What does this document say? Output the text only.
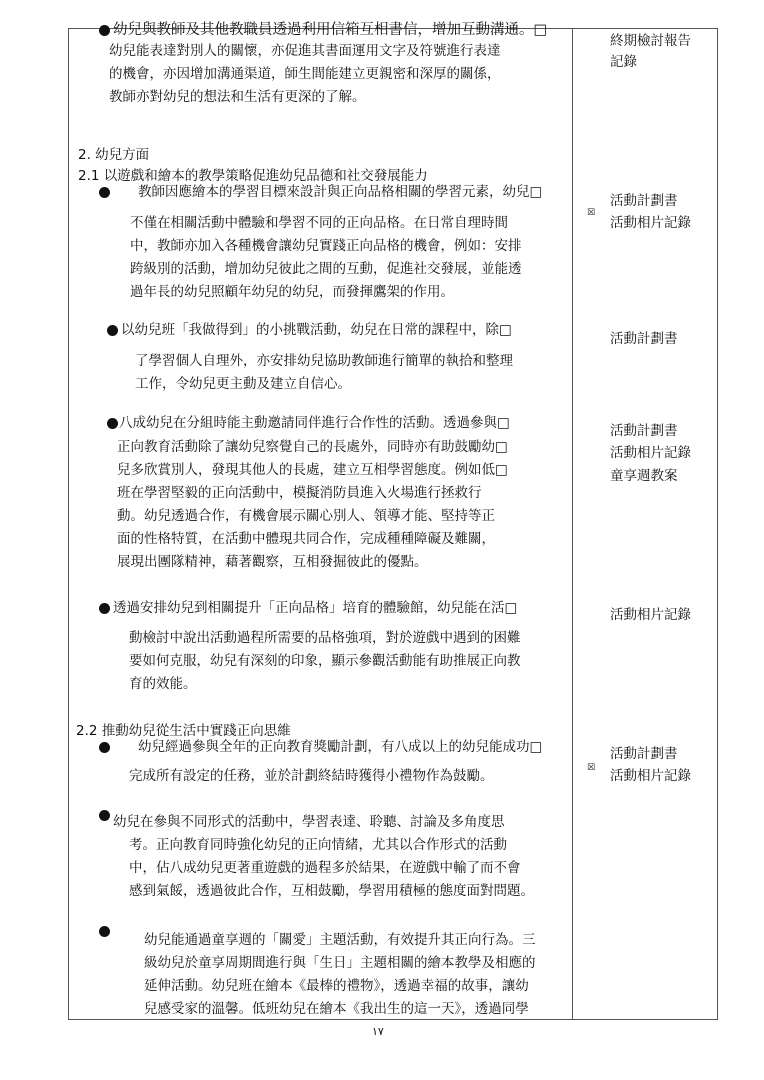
幼兒與教師及其他教職員透過利用信箱互相書信，增加互動溝通。□
幼兒能表達對別人的關懷，亦促進其書面運用文字及符號進行表達
的機會，亦因增加溝通渠道，師生間能建立更親密和深厚的關係，
教師亦對幼兒的想法和生活有更深的了解。
終期檢討報告
記錄
2. 幼兒方面
2.1 以遊戲和繪本的教學策略促進幼兒品德和社交發展能力
教師因應繪本的學習目標來設計與正向品格相關的學習元素，幼兒□
不僅在相關活動中體驗和學習不同的正向品格。在日常自理時間
中，教師亦加入各種機會讓幼兒實踐正向品格的機會，例如：安排
跨級別的活動，增加幼兒彼此之間的互動，促進社交發展，並能透
過年長的幼兒照顧年幼兒的幼兒，而發揮鷹架的作用。
☒
活動計劃書
活動相片記錄
以幼兒班「我做得到」的小挑戰活動，幼兒在日常的課程中，除□
了學習個人自理外，亦安排幼兒協助教師進行簡單的執拾和整理
工作，令幼兒更主動及建立自信心。
活動計劃書
八成幼兒在分組時能主動邀請同伴進行合作性的活動。透過參與□
正向教育活動除了讓幼兒察覺自己的長處外，同時亦有助鼓勵幼□
兒多欣賞別人，發現其他人的長處，建立互相學習態度。例如低□
班在學習堅毅的正向活動中，模擬消防員進入火場進行拯救行
動。幼兒透過合作，有機會展示關心別人、領導才能、堅持等正
面的性格特質，在活動中體現共同合作，完成種種障礙及難關，
展現出團隊精神，藉著觀察，互相發掘彼此的優點。
活動計劃書
活動相片記錄
童享週教案
透過安排幼兒到相關提升「正向品格」培育的體驗館，幼兒能在活□
動檢討中說出活動過程所需要的品格強項，對於遊戲中遇到的困難
要如何克服，幼兒有深刻的印象，顯示參觀活動能有助推展正向教
育的效能。
活動相片記錄
2.2 推動幼兒從生活中實踐正向思維
幼兒經過參與全年的正向教育獎勵計劃，有八成以上的幼兒能成功□
完成所有設定的任務，並於計劃終結時獲得小禮物作為鼓勵。	☒
活動計劃書
活動相片記錄
幼兒在參與不同形式的活動中，學習表達、聆聽、討論及多角度思
考。正向教育同時強化幼兒的正向情緒，尤其以合作形式的活動
中，佔八成幼兒更著重遊戲的過程多於結果，在遊戲中輸了而不會
感到氣餒，透過彼此合作，互相鼓勵，學習用積極的態度面對問題。
幼兒能通過童享週的「關愛」主題活動，有效提升其正向行為。三
級幼兒於童享周期間進行與「生日」主題相關的繪本教學及相應的
延伸活動。幼兒班在繪本《最棒的禮物》，透過幸福的故事，讓幼
兒感受家的溫馨。低班幼兒在繪本《我出生的這一天》，透過同學
١٧
